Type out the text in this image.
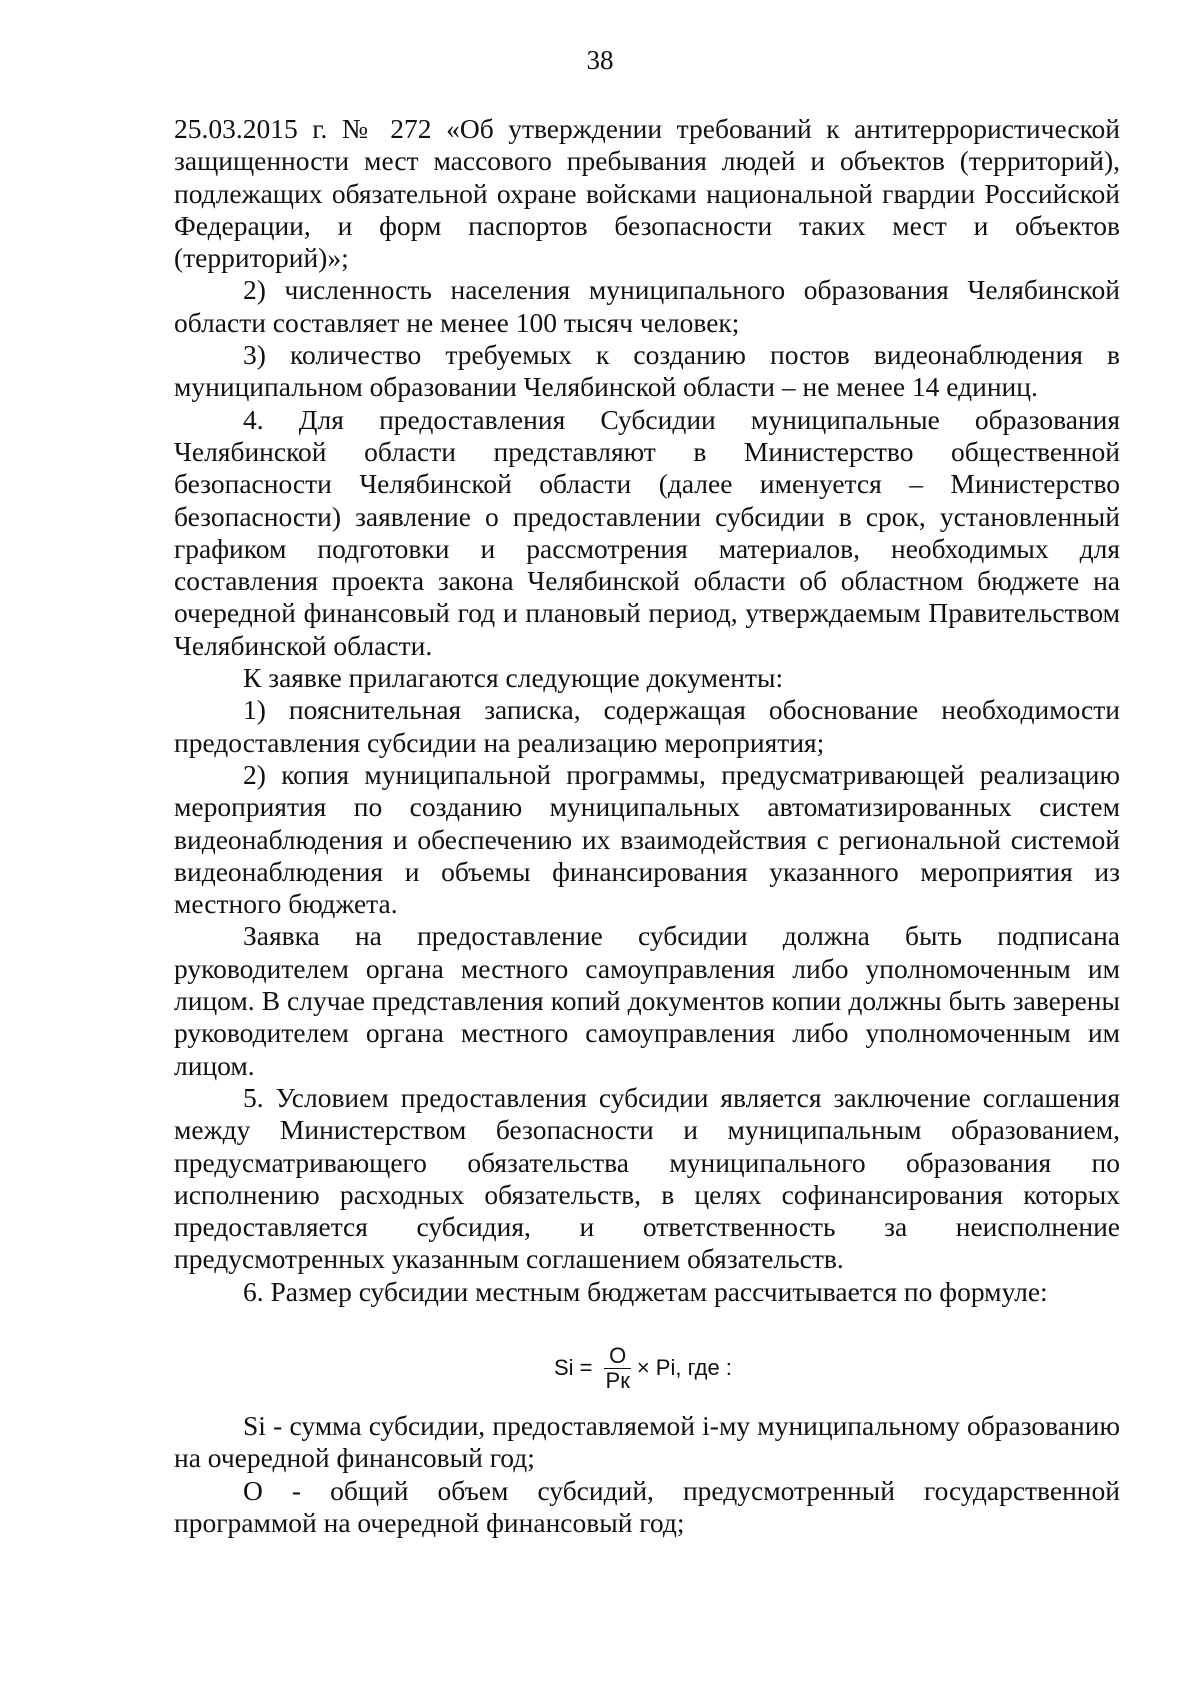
38

25.03.2015 г. № 272 «Об утверждении требований к антитеррористической защищенности мест массового пребывания людей и объектов (территорий), подлежащих обязательной охране войсками национальной гвардии Российской Федерации, и форм паспортов безопасности таких мест и объектов (территорий)»;

2) численность населения муниципального образования Челябинской области составляет не менее 100 тысяч человек;

3) количество требуемых к созданию постов видеонаблюдения в муниципальном образовании Челябинской области – не менее 14 единиц.

4. Для предоставления Субсидии муниципальные образования Челябинской области представляют в Министерство общественной безопасности Челябинской области (далее именуется – Министерство безопасности) заявление о предоставлении субсидии в срок, установленный графиком подготовки и рассмотрения материалов, необходимых для составления проекта закона Челябинской области об областном бюджете на очередной финансовый год и плановый период, утверждаемым Правительством Челябинской области.

К заявке прилагаются следующие документы:

1) пояснительная записка, содержащая обоснование необходимости предоставления субсидии на реализацию мероприятия;

2) копия муниципальной программы, предусматривающей реализацию мероприятия по созданию муниципальных автоматизированных систем видеонаблюдения и обеспечению их взаимодействия с региональной системой видеонаблюдения и объемы финансирования указанного мероприятия из местного бюджета.

Заявка на предоставление субсидии должна быть подписана руководителем органа местного самоуправления либо уполномоченным им лицом. В случае представления копий документов копии должны быть заверены руководителем органа местного самоуправления либо уполномоченным им лицом.

5. Условием предоставления субсидии является заключение соглашения между Министерством безопасности и муниципальным образованием, предусматривающего обязательства муниципального образования по исполнению расходных обязательств, в целях софинансирования которых предоставляется субсидия, и ответственность за неисполнение предусмотренных указанным соглашением обязательств.

6. Размер субсидии местным бюджетам рассчитывается по формуле:

$Si = \frac{O}{Pк} \times Pi$, где :

Si - сумма субсидии, предоставляемой i-му муниципальному образованию на очередной финансовый год;

O - общий объем субсидий, предусмотренный государственной программой на очередной финансовый год;
